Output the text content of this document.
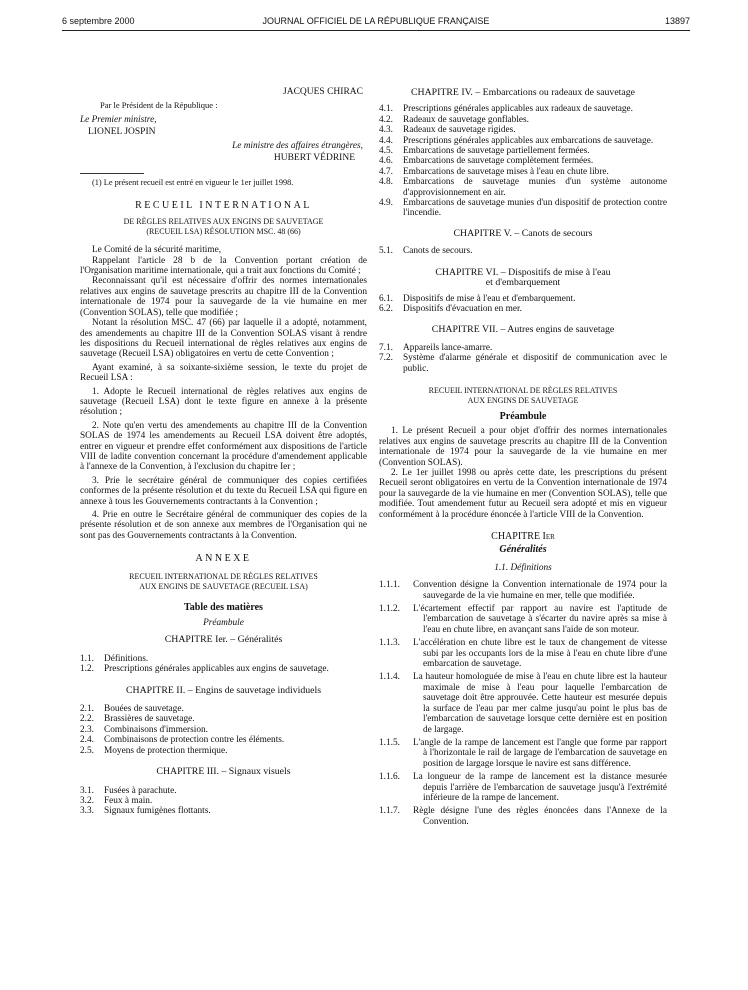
6 septembre 2000	JOURNAL OFFICIEL DE LA RÉPUBLIQUE FRANÇAISE	13897
JACQUES CHIRAC
Par le Président de la République :
Le Premier ministre,
LIONEL JOSPIN
Le ministre des affaires étrangères,
HUBERT VÉDRINE
(1) Le présent recueil est entré en vigueur le 1er juillet 1998.
RECUEIL INTERNATIONAL
DE RÈGLES RELATIVES AUX ENGINS DE SAUVETAGE
(RECUEIL LSA) RÉSOLUTION MSC. 48 (66)

Le Comité de la sécurité maritime,

Rappelant l'article 28 b de la Convention portant création de l'Organisation maritime internationale, qui a trait aux fonctions du Comité ;

Reconnaissant qu'il est nécessaire d'offrir des normes internationales relatives aux engins de sauvetage prescrits au chapitre III de la Convention internationale de 1974 pour la sauvegarde de la vie humaine en mer (Convention SOLAS), telle que modifiée ;

Notant la résolution MSC. 47 (66) par laquelle il a adopté, notamment, des amendements au chapitre III de la Convention SOLAS visant à rendre les dispositions du Recueil international de règles relatives aux engins de sauvetage (Recueil LSA) obligatoires en vertu de cette Convention ;

Ayant examiné, à sa soixante-sixième session, le texte du projet de Recueil LSA :

1. Adopte le Recueil international de règles relatives aux engins de sauvetage (Recueil LSA) dont le texte figure en annexe à la présente résolution ;

2. Note qu'en vertu des amendements au chapitre III de la Convention SOLAS de 1974 les amendements au Recueil LSA doivent être adoptés, entrer en vigueur et prendre effet conformément aux dispositions de l'article VIII de ladite convention concernant la procédure d'amendement applicable à l'annexe de la Convention, à l'exclusion du chapitre Ier ;

3. Prie le secrétaire général de communiquer des copies certifiées conformes de la présente résolution et du texte du Recueil LSA qui figure en annexe à tous les Gouvernements contractants à la Convention ;

4. Prie en outre le Secrétaire général de communiquer des copies de la présente résolution et de son annexe aux membres de l'Organisation qui ne sont pas des Gouvernements contractants à la Convention.

ANNEXE
RECUEIL INTERNATIONAL DE RÈGLES RELATIVES
AUX ENGINS DE SAUVETAGE (RECUEIL LSA)
Table des matières
Préambule
CHAPITRE Ier. – Généralités
1.1.	Définitions.
1.2.	Prescriptions générales applicables aux engins de sauvetage.
CHAPITRE II. – Engins de sauvetage individuels
2.1.	Bouées de sauvetage.
2.2.	Brassières de sauvetage.
2.3.	Combinaisons d'immersion.
2.4.	Combinaisons de protection contre les éléments.
2.5.	Moyens de protection thermique.
CHAPITRE III. – Signaux visuels
3.1.	Fusées à parachute.
3.2.	Feux à main.
3.3.	Signaux fumigènes flottants.
CHAPITRE IV. – Embarcations ou radeaux de sauvetage
4.1.	Prescriptions générales applicables aux radeaux de sauvetage.
4.2.	Radeaux de sauvetage gonflables.
4.3.	Radeaux de sauvetage rigides.
4.4.	Prescriptions générales applicables aux embarcations de sauvetage.
4.5.	Embarcations de sauvetage partiellement fermées.
4.6.	Embarcations de sauvetage complètement fermées.
4.7.	Embarcations de sauvetage mises à l'eau en chute libre.
4.8.	Embarcations de sauvetage munies d'un système autonome d'approvisionnement en air.
4.9.	Embarcations de sauvetage munies d'un dispositif de protection contre l'incendie.
CHAPITRE V. – Canots de secours
5.1.	Canots de secours.
CHAPITRE VI. – Dispositifs de mise à l'eau
et d'embarquement
6.1.	Dispositifs de mise à l'eau et d'embarquement.
6.2.	Dispositifs d'évacuation en mer.
CHAPITRE VII. – Autres engins de sauvetage
7.1.	Appareils lance-amarre.
7.2.	Système d'alarme générale et dispositif de communication avec le public.
RECUEIL INTERNATIONAL DE RÈGLES RELATIVES
AUX ENGINS DE SAUVETAGE
Préambule

1. Le présent Recueil a pour objet d'offrir des normes internationales relatives aux engins de sauvetage prescrits au chapitre III de la Convention internationale de 1974 pour la sauvegarde de la vie humaine en mer (Convention SOLAS).

2. Le 1er juillet 1998 ou après cette date, les prescriptions du présent Recueil seront obligatoires en vertu de la Convention internationale de 1974 pour la sauvegarde de la vie humaine en mer (Convention SOLAS), telle que modifiée. Tout amendement futur au Recueil sera adopté et mis en vigueur conformément à la procédure énoncée à l'article VIII de la Convention.

CHAPITRE Ier
Généralités
1.1. Définitions
1.1.1.	Convention désigne la Convention internationale de 1974 pour la sauvegarde de la vie humaine en mer, telle que modifiée.
1.1.2.	L'écartement effectif par rapport au navire est l'aptitude de l'embarcation de sauvetage à s'écarter du navire après sa mise à l'eau en chute libre, en avançant sans l'aide de son moteur.
1.1.3.	L'accélération en chute libre est le taux de changement de vitesse subi par les occupants lors de la mise à l'eau en chute libre d'une embarcation de sauvetage.
1.1.4.	La hauteur homologuée de mise à l'eau en chute libre est la hauteur maximale de mise à l'eau pour laquelle l'embarcation de sauvetage doit être approuvée. Cette hauteur est mesurée depuis la surface de l'eau par mer calme jusqu'au point le plus bas de l'embarcation de sauvetage lorsque cette dernière est en position de largage.
1.1.5.	L'angle de la rampe de lancement est l'angle que forme par rapport à l'horizontale le rail de largage de l'embarcation de sauvetage en position de largage lorsque le navire est sans différence.
1.1.6.	La longueur de la rampe de lancement est la distance mesurée depuis l'arrière de l'embarcation de sauvetage jusqu'à l'extrémité inférieure de la rampe de lancement.
1.1.7.	Règle désigne l'une des règles énoncées dans l'Annexe de la Convention.
